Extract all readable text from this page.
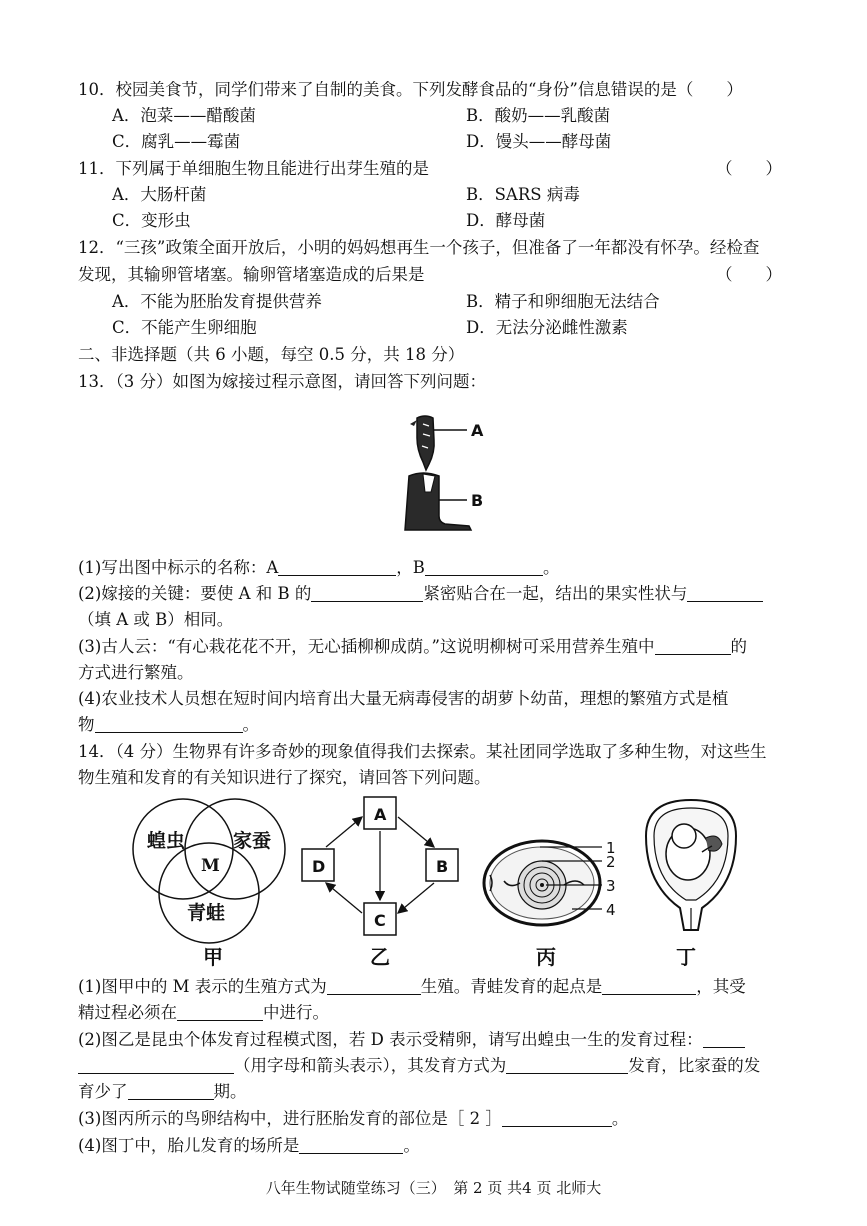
10．校园美食节，同学们带来了自制的美食。下列发酵食品的“身份”信息错误的是（　　）
A．泡菜——醋酸菌	B．酸奶——乳酸菌
C．腐乳——霉菌	D．馒头——酵母菌
11．下列属于单细胞生物且能进行出芽生殖的是	（　　）
A．大肠杆菌	B．SARS 病毒
C．变形虫	D．酵母菌
12．“三孩”政策全面开放后，小明的妈妈想再生一个孩子，但准备了一年都没有怀孕。经检查
发现，其输卵管堵塞。输卵管堵塞造成的后果是	（　　）
A．不能为胚胎发育提供营养	B．精子和卵细胞无法结合
C．不能产生卵细胞	D．无法分泌雌性激素
二、非选择题（共 6 小题，每空 0.5 分，共 18 分）
13．（3 分）如图为嫁接过程示意图，请回答下列问题：
A
B
(1)写出图中标示的名称：A	，B	。
(2)嫁接的关键：要使 A 和 B 的	紧密贴合在一起，结出的果实性状与
（填 A 或 B）相同。
(3)古人云：“有心栽花花不开，无心插柳柳成荫。”这说明柳树可采用营养生殖中	的
方式进行繁殖。
(4)农业技术人员想在短时间内培育出大量无病毒侵害的胡萝卜幼苗，理想的繁殖方式是植
物	。
14．（4 分）生物界有许多奇妙的现象值得我们去探索。某社团同学选取了多种生物，对这些生
物生殖和发育的有关知识进行了探究，请回答下列问题。
蝗虫	家蚕
M
青蛙
甲
A
B
C
D
乙
1
2
3
4
丙	丁
(1)图甲中的 M 表示的生殖方式为	生殖。青蛙发育的起点是	，其受
精过程必须在	中进行。
(2)图乙是昆虫个体发育过程模式图，若 D 表示受精卵，请写出蝗虫一生的发育过程：
（用字母和箭头表示），其发育方式为	发育，比家蚕的发
育少了	期。
(3)图丙所示的鸟卵结构中，进行胚胎发育的部位是［ 2 ］	。
(4)图丁中，胎儿发育的场所是	。
八年生物试随堂练习（三）　第 2 页 共4 页 北师大
